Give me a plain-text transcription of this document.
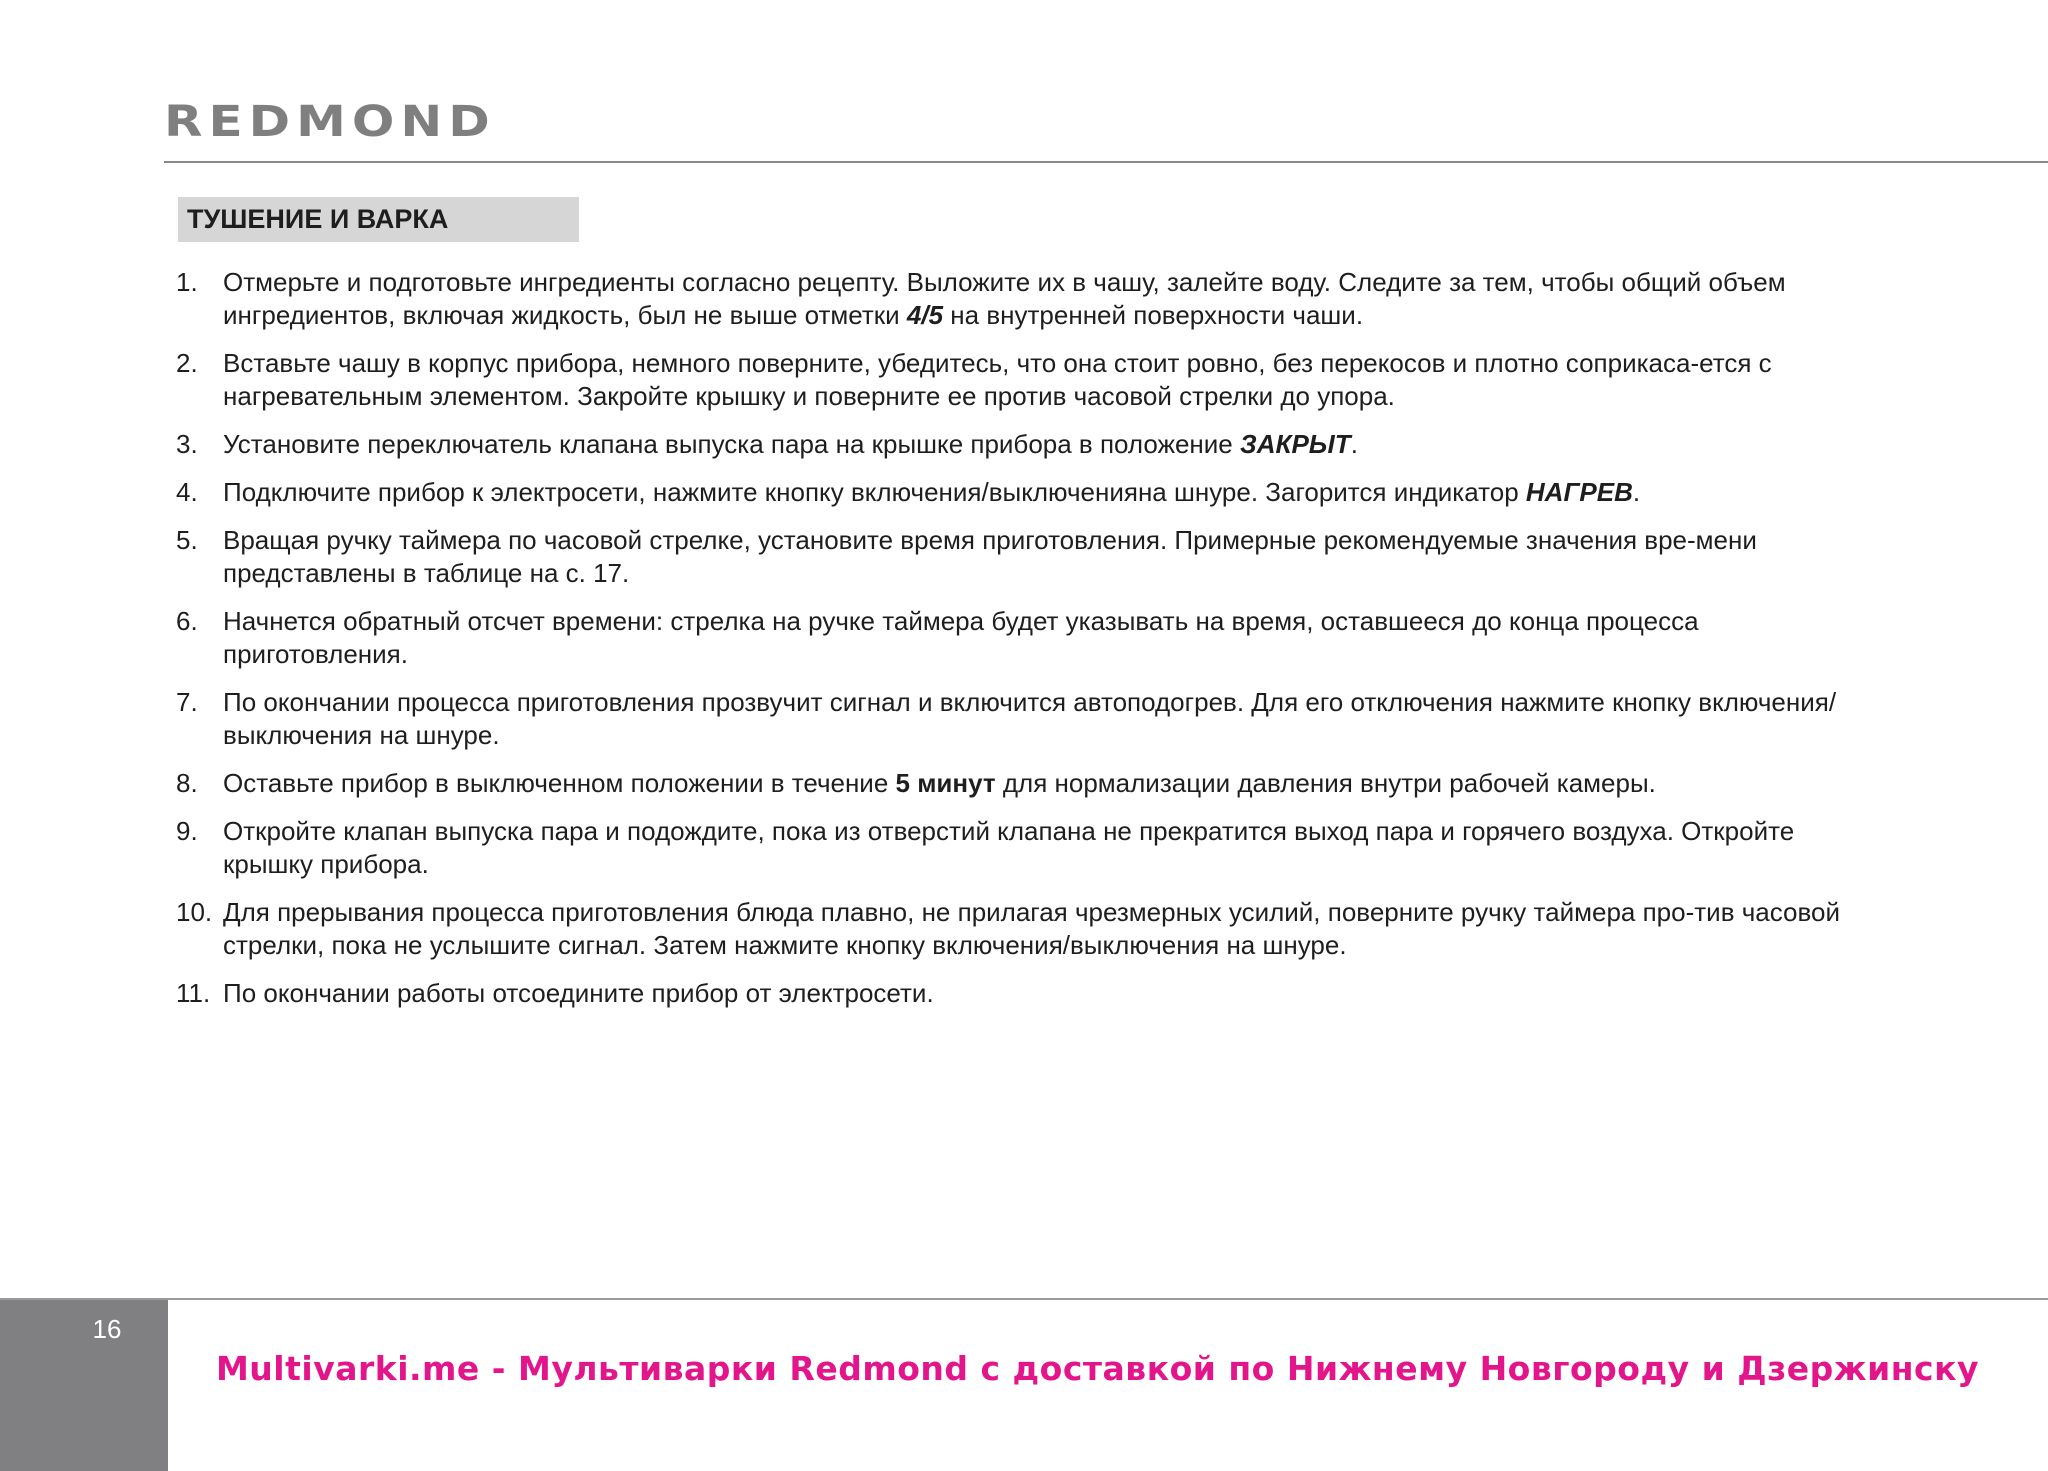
REDMOND
ТУШЕНИЕ И ВАРКА
1. Отмерьте и подготовьте ингредиенты согласно рецепту. Выложите их в чашу, залейте воду. Следите за тем, чтобы общий объем ингредиентов, включая жидкость, был не выше отметки 4/5 на внутренней поверхности чаши.
2. Вставьте чашу в корпус прибора, немного поверните, убедитесь, что она стоит ровно, без перекосов и плотно соприкаса-ется с нагревательным элементом. Закройте крышку и поверните ее против часовой стрелки до упора.
3. Установите переключатель клапана выпуска пара на крышке прибора в положение ЗАКРЫТ.
4. Подключите прибор к электросети, нажмите кнопку включения/выключенияна шнуре. Загорится индикатор НАГРЕВ.
5. Вращая ручку таймера по часовой стрелке, установите время приготовления. Примерные рекомендуемые значения вре-мени представлены в таблице на с. 17.
6. Начнется обратный отсчет времени: стрелка на ручке таймера будет указывать на время, оставшееся до конца процесса приготовления.
7. По окончании процесса приготовления прозвучит сигнал и включится автоподогрев. Для его отключения нажмите кнопку включения/выключения на шнуре.
8. Оставьте прибор в выключенном положении в течение 5 минут для нормализации давления внутри рабочей камеры.
9. Откройте клапан выпуска пара и подождите, пока из отверстий клапана не прекратится выход пара и горячего воздуха. Откройте крышку прибора.
10. Для прерывания процесса приготовления блюда плавно, не прилагая чрезмерных усилий, поверните ручку таймера про-тив часовой стрелки, пока не услышите сигнал. Затем нажмите кнопку включения/выключения на шнуре.
11. По окончании работы отсоедините прибор от электросети.
16
Multivarki.me - Мультиварки Redmond с доставкой по Нижнему Новгороду и Дзержинску
